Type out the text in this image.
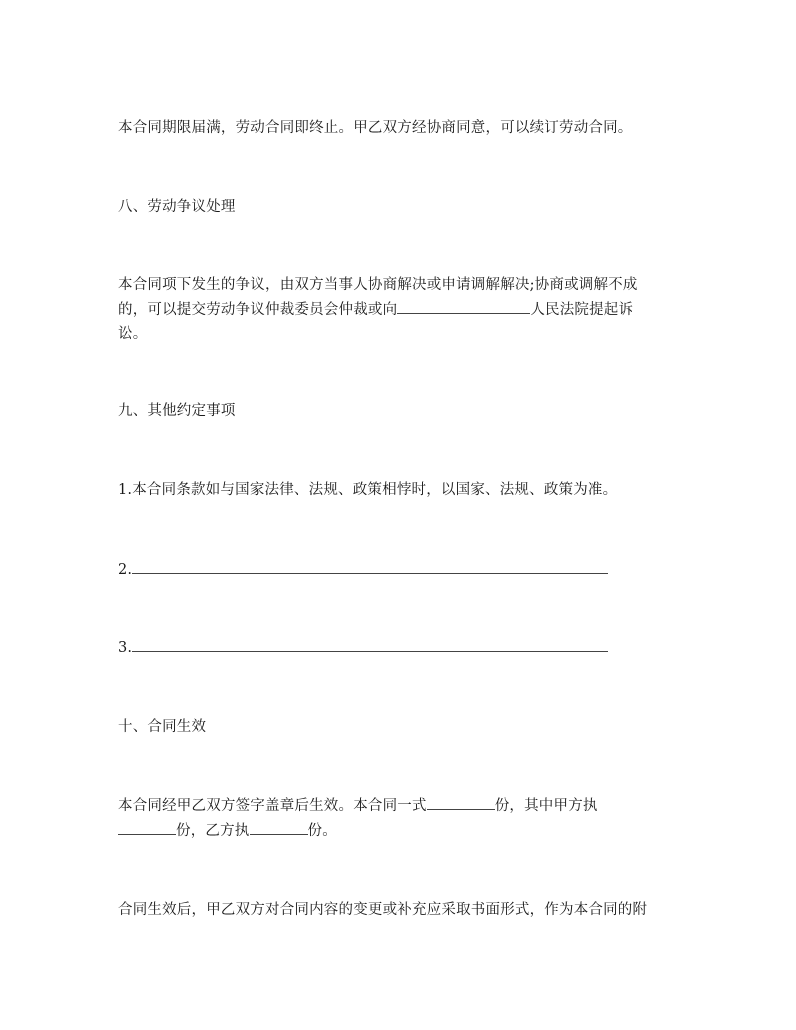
本合同期限届满，劳动合同即终止。甲乙双方经协商同意，可以续订劳动合同。
八、劳动争议处理
本合同项下发生的争议，由双方当事人协商解决或申请调解解决;协商或调解不成
的，可以提交劳动争议仲裁委员会仲裁或向	人民法院提起诉
讼。
九、其他约定事项
1.本合同条款如与国家法律、法规、政策相悖时，以国家、法规、政策为准。
2.
3.
十、合同生效
本合同经甲乙双方签字盖章后生效。本合同一式	份，其中甲方执
份，乙方执	份。
合同生效后，甲乙双方对合同内容的变更或补充应采取书面形式，作为本合同的附
